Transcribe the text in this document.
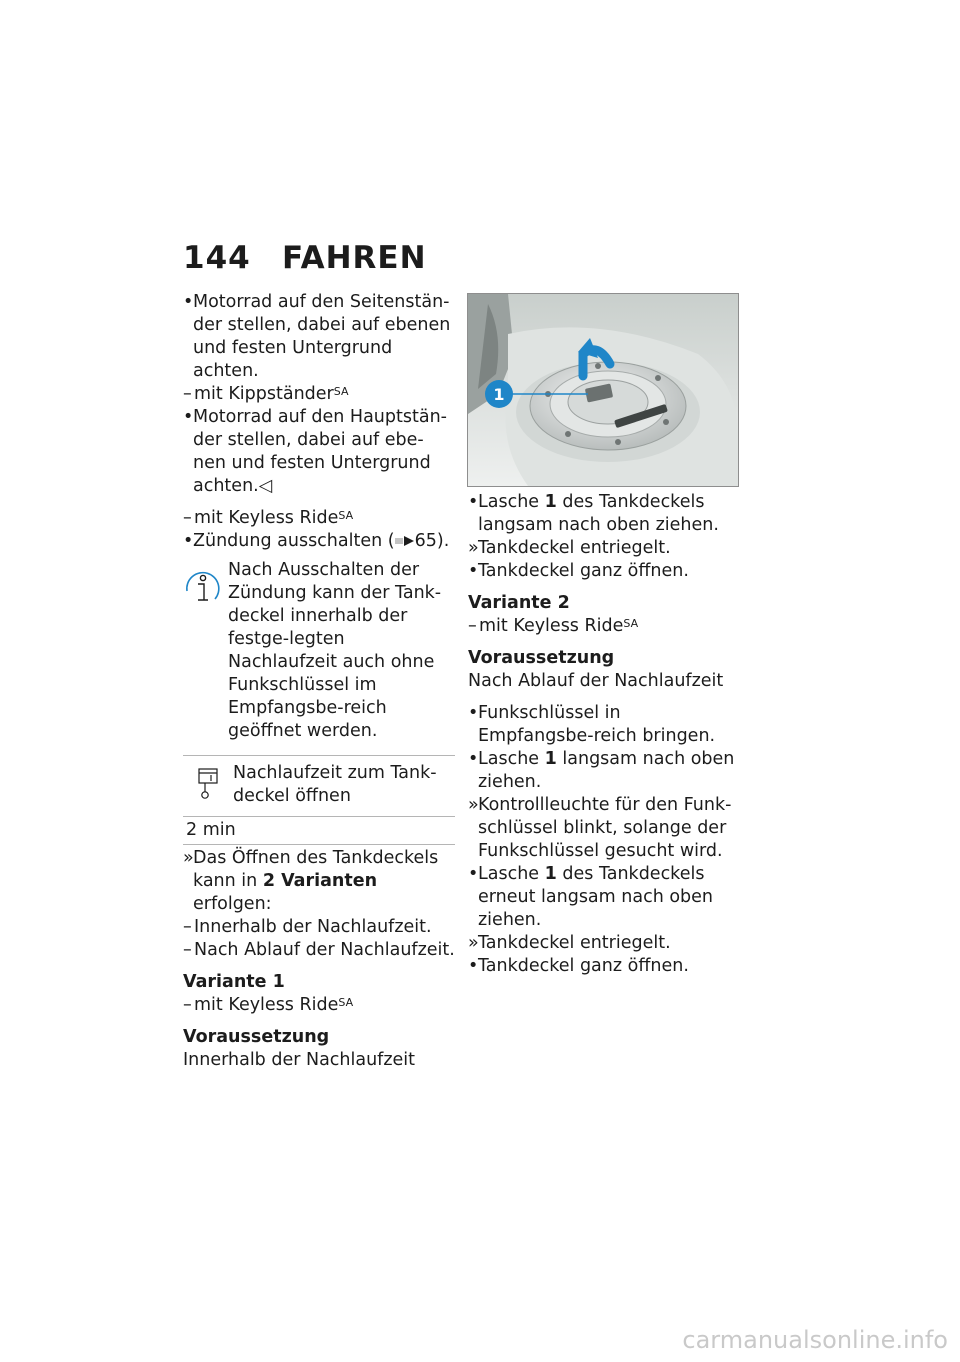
144 FAHREN
• Motorrad auf den Seitenstän-der stellen, dabei auf ebenen und festen Untergrund achten.
– mit Kippständer$^{SA}$
• Motorrad auf den Hauptstän-der stellen, dabei auf ebe-nen und festen Untergrund achten.◁
– mit Keyless Ride$^{SA}$
• Zündung ausschalten ( 65).
Nach Ausschalten der Zündung kann der Tank-deckel innerhalb der festge-legten Nachlaufzeit auch ohne Funkschlüssel im Empfangsbe-reich geöffnet werden.
Nachlaufzeit zum Tank-deckel öffnen
2 min
» Das Öffnen des Tankdeckels kann in 2 Varianten erfolgen:
– Innerhalb der Nachlaufzeit.
– Nach Ablauf der Nachlaufzeit.
Variante 1
– mit Keyless Ride$^{SA}$
Voraussetzung
Innerhalb der Nachlaufzeit
1
• Lasche 1 des Tankdeckels langsam nach oben ziehen.
» Tankdeckel entriegelt.
• Tankdeckel ganz öffnen.
Variante 2
– mit Keyless Ride$^{SA}$
Voraussetzung
Nach Ablauf der Nachlaufzeit
• Funkschlüssel in Empfangsbe-reich bringen.
• Lasche 1 langsam nach oben ziehen.
» Kontrollleuchte für den Funk-schlüssel blinkt, solange der Funkschlüssel gesucht wird.
• Lasche 1 des Tankdeckels erneut langsam nach oben ziehen.
» Tankdeckel entriegelt.
• Tankdeckel ganz öffnen.
carmanualsonline.info
